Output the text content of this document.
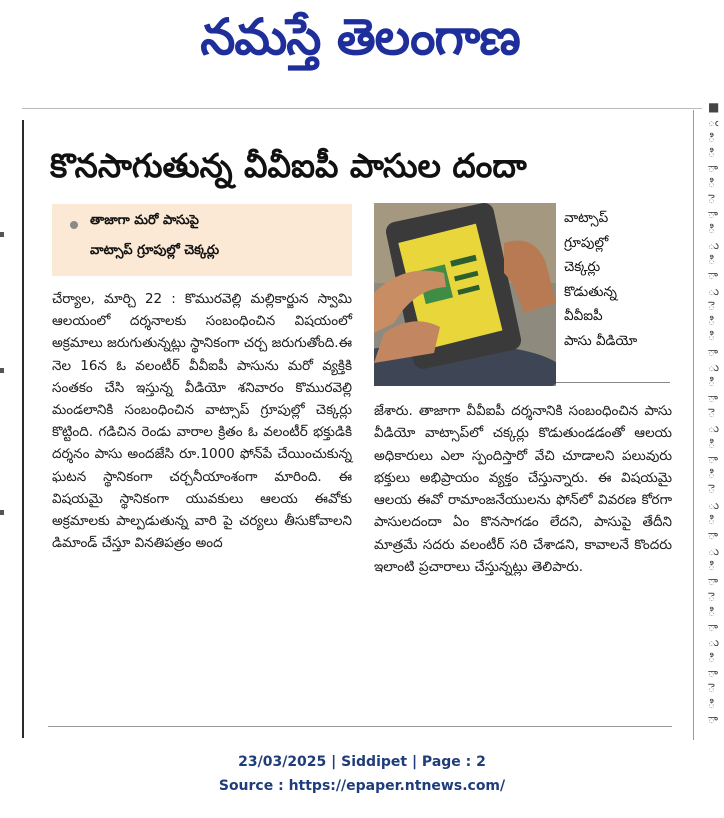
నమస్తే తెలంగాణ
■
ఁ
ి
ి
ా
ి
ె
ా
ి
ు
ి
ా
ు
ె
ి
ి
ా
ు
ి
ా
ె
ు
ి
ా
ి
ె
ు
ి
ా
ు
ి
ా
ె
ి
ా
ు
ి
ా
ె
ి
ా
కొనసాగుతున్న వీవీఐపీ పాసుల దందా
తాజాగా మరో పాసుపై
వాట్సాప్ గ్రూపుల్లో చెక్కర్లు

చేర్యాల, మార్చి 22 : కొమురవెల్లి మల్లికార్జున స్వామి ఆలయంలో దర్శనాలకు సంబంధించిన విషయంలో అక్రమాలు జరుగుతున్నట్లు స్థానికంగా చర్చ జరుగుతోంది.ఈ నెల 16న ఓ వలంటీర్ వీవీఐపీ పాసును మరో వ్యక్తికి సంతకం చేసి ఇస్తున్న వీడియో శనివారం కొమురవెల్లి మండలానికి సంబంధించిన వాట్సాప్ గ్రూపుల్లో చెక్కర్లు కొట్టింది. గడిచిన రెండు వారాల క్రితం ఓ వలంటీర్ భక్తుడికి దర్శనం పాసు అందజేసి రూ.1000 ఫోన్‌పే చేయించుకున్న ఘటన స్థానికంగా చర్చనీయాంశంగా మారింది. ఈ విషయమై స్థానికంగా యువకులు ఆలయ ఈవోకు అక్రమాలకు పాల్పడుతున్న వారి పై చర్యలు తీసుకోవాలని డిమాండ్ చేస్తూ వినతిపత్రం అంద

వాట్సాప్
గ్రూపుల్లో
చెక్కర్లు
కొడుతున్న
వీవీఐపీ
పాసు వీడియో

జేశారు. తాజాగా వీవీఐపీ దర్శనానికి సంబంధించిన పాసు వీడియో వాట్సాప్‌లో చక్కర్లు కొడుతుండడంతో ఆలయ అధికారులు ఎలా స్పందిస్తారో వేచి చూడాలని పలువురు భక్తులు అభిప్రాయం వ్యక్తం చేస్తున్నారు. ఈ విషయమై ఆలయ ఈవో రామాంజనేయులను ఫోన్‌లో వివరణ కోరగా పాసులదందా ఏం కొనసాగడం లేదని, పాసుపై తేదీని మాత్రమే సదరు వలంటీర్ సరి చేశాడని, కావాలనే కొందరు ఇలాంటి ప్రచారాలు చేస్తున్నట్లు తెలిపారు.

23/03/2025 | Siddipet | Page : 2
Source : https://epaper.ntnews.com/
